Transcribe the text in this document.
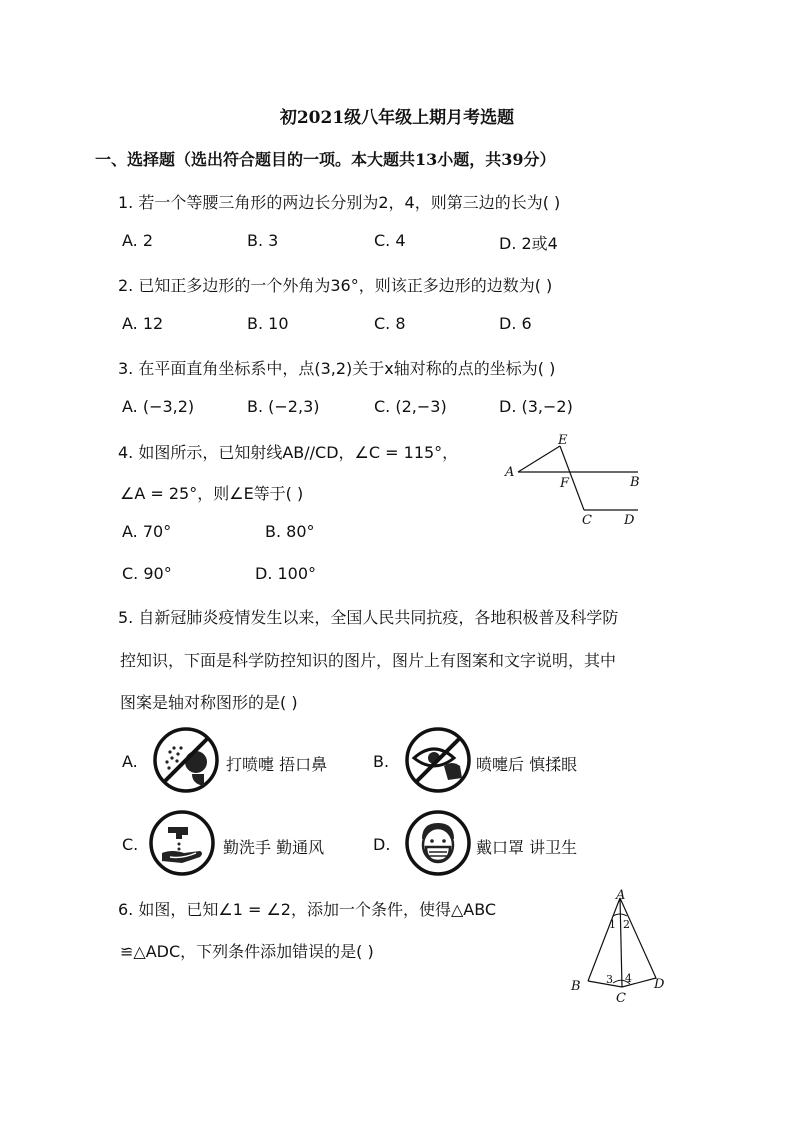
初2021级八年级上期月考选题
一、选择题（选出符合题目的一项。本大题共13小题，共39分）
1. 若一个等腰三角形的两边长分别为2，4，则第三边的长为( )
A. 2	B. 3	C. 4	D. 2或4
2. 已知正多边形的一个外角为36°，则该正多边形的边数为( )
A. 12	B. 10	C. 8	D. 6
3. 在平面直角坐标系中，点(3,2)关于x轴对称的点的坐标为( )
A. (−3,2)	B. (−2,3)	C. (2,−3)	D. (3,−2)
4. 如图所示，已知射线AB//CD，∠C = 115°，
∠A = 25°，则∠E等于( )
A. 70°	B. 80°
C. 90°	D. 100°
E
A
F	B
C D
5. 自新冠肺炎疫情发生以来，全国人民共同抗疫，各地积极普及科学防
控知识，下面是科学防控知识的图片，图片上有图案和文字说明，其中
图案是轴对称图形的是( )
A.	打喷嚏 捂口鼻	B.	喷嚏后 慎揉眼
C.	勤洗手 勤通风	D.	戴口罩 讲卫生
6. 如图，已知∠1 = ∠2，添加一个条件，使得△ABC
≌△ADC，下列条件添加错误的是( )
A
B
C
D
1 2
3 4
